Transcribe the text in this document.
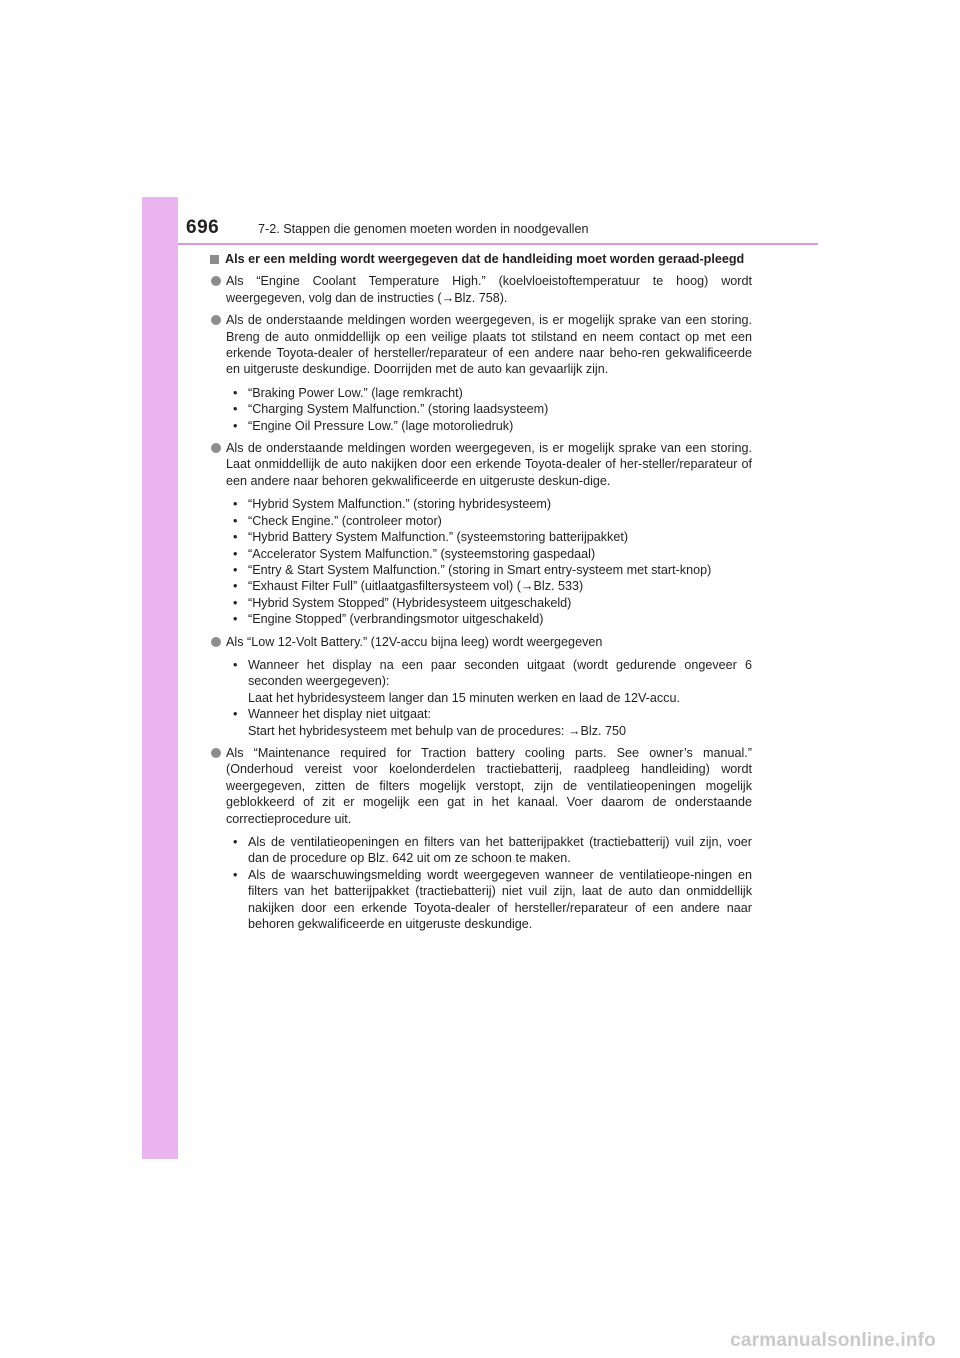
696	7-2. Stappen die genomen moeten worden in noodgevallen
Als er een melding wordt weergegeven dat de handleiding moet worden geraad-pleegd

Als “Engine Coolant Temperature High.” (koelvloeistoftemperatuur te hoog) wordt weergegeven, volg dan de instructies (→Blz. 758).

Als de onderstaande meldingen worden weergegeven, is er mogelijk sprake van een storing. Breng de auto onmiddellijk op een veilige plaats tot stilstand en neem contact op met een erkende Toyota-dealer of hersteller/reparateur of een andere naar beho-ren gekwalificeerde en uitgeruste deskundige. Doorrijden met de auto kan gevaarlijk zijn.

• “Braking Power Low.” (lage remkracht)
• “Charging System Malfunction.” (storing laadsysteem)
• “Engine Oil Pressure Low.” (lage motoroliedruk)

Als de onderstaande meldingen worden weergegeven, is er mogelijk sprake van een storing. Laat onmiddellijk de auto nakijken door een erkende Toyota-dealer of her-steller/reparateur of een andere naar behoren gekwalificeerde en uitgeruste deskun-dige.

• “Hybrid System Malfunction.” (storing hybridesysteem)
• “Check Engine.” (controleer motor)
• “Hybrid Battery System Malfunction.” (systeemstoring batterijpakket)
• “Accelerator System Malfunction.” (systeemstoring gaspedaal)
• “Entry & Start System Malfunction.” (storing in Smart entry-systeem met start-knop)
• “Exhaust Filter Full” (uitlaatgasfiltersysteem vol) (→Blz. 533)
• “Hybrid System Stopped” (Hybridesysteem uitgeschakeld)
• “Engine Stopped” (verbrandingsmotor uitgeschakeld)

Als “Low 12-Volt Battery.” (12V-accu bijna leeg) wordt weergegeven

• Wanneer het display na een paar seconden uitgaat (wordt gedurende ongeveer 6 seconden weergegeven):
Laat het hybridesysteem langer dan 15 minuten werken en laad de 12V-accu.
• Wanneer het display niet uitgaat:
Start het hybridesysteem met behulp van de procedures: →Blz. 750

Als “Maintenance required for Traction battery cooling parts. See owner’s manual.” (Onderhoud vereist voor koelonderdelen tractiebatterij, raadpleeg handleiding) wordt weergegeven, zitten de filters mogelijk verstopt, zijn de ventilatieopeningen mogelijk geblokkeerd of zit er mogelijk een gat in het kanaal. Voer daarom de onderstaande correctieprocedure uit.

• Als de ventilatieopeningen en filters van het batterijpakket (tractiebatterij) vuil zijn, voer dan de procedure op Blz. 642 uit om ze schoon te maken.
• Als de waarschuwingsmelding wordt weergegeven wanneer de ventilatieope-ningen en filters van het batterijpakket (tractiebatterij) niet vuil zijn, laat de auto dan onmiddellijk nakijken door een erkende Toyota-dealer of hersteller/reparateur of een andere naar behoren gekwalificeerde en uitgeruste deskundige.
carmanualsonline.info
